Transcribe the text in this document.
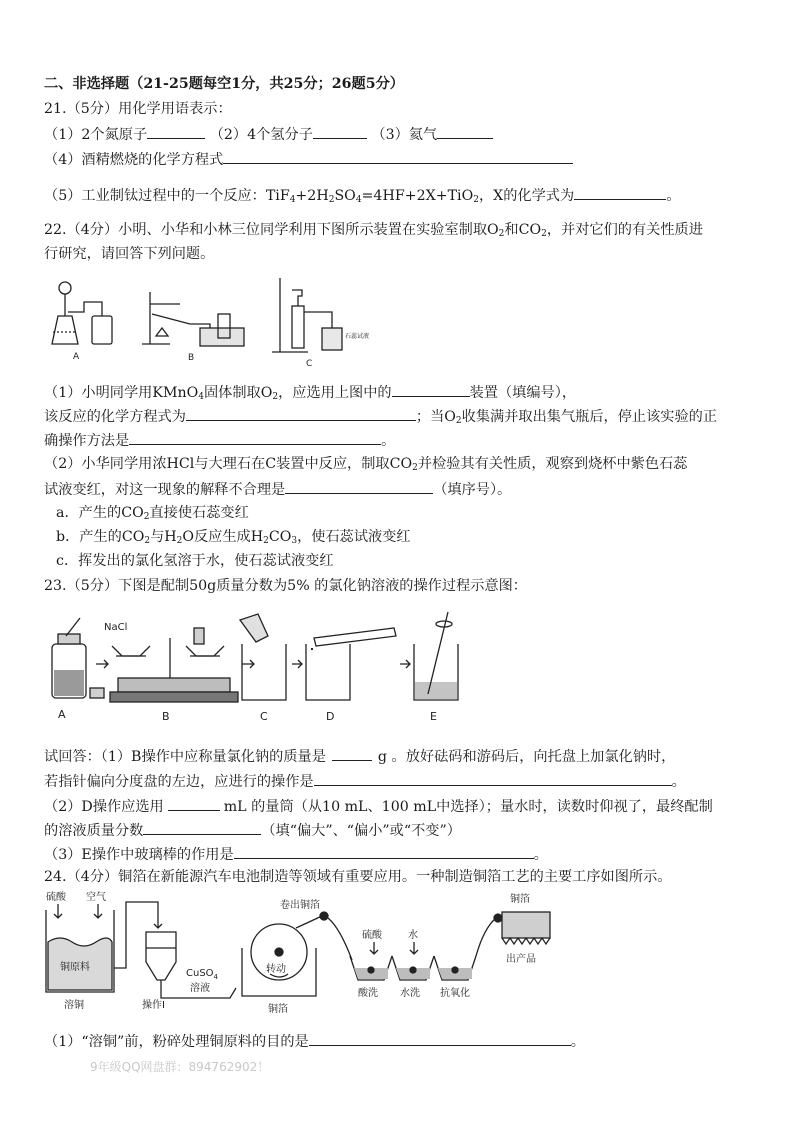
二、非选择题（21-25题每空1分，共25分；26题5分）
21.（5分）用化学用语表示：
（1）2个氮原子	（2）4个氢分子	（3）氦气
（4）酒精燃烧的化学方程式
（5）工业制钛过程中的一个反应：$TiF_4+2H_2SO_4=4HF+2X+TiO_2$，X的化学式为	。
22.（4分）小明、小华和小林三位同学利用下图所示装置在实验室制取$O_2$和$CO_2$，并对它们的有关性质进
行研究，请回答下列问题。
A	B
石蕊试液
C
（1）小明同学用KMnO$_4$固体制取$O_2$，应选用上图中的	装置（填编号），
该反应的化学方程式为	；当$O_2$收集满并取出集气瓶后，停止该实验的正
确操作方法是	。
（2）小华同学用浓HCl与大理石在C装置中反应，制取$CO_2$并检验其有关性质，观察到烧杯中紫色石蕊
试液变红，对这一现象的解释不合理是	（填序号）。
a．产生的$CO_2$直接使石蕊变红
b．产生的$CO_2$与$H_2O$反应生成$H_2CO_3$，使石蕊试液变红
c．挥发出的氯化氢溶于水，使石蕊试液变红
23.（5分）下图是配制50g质量分数为5% 的氯化钠溶液的操作过程示意图：
A
NaCl
B	C	D	E
试回答：（1）B操作中应称量氯化钠的质量是	g 。放好砝码和游码后，向托盘上加氯化钠时，
若指针偏向分度盘的左边，应进行的操作是	。
（2）D操作应选用	mL 的量筒（从10 mL、100 mL中选择）；量水时，读数时仰视了，最终配制
的溶液质量分数	（填“偏大”、“偏小”或“不变”）
（3）E操作中玻璃棒的作用是	。
24.（4分）铜箔在新能源汽车电池制造等领域有重要应用。一种制造铜箔工艺的主要工序如图所示。
硫酸 空气
铜原料
溶铜	操作Ⅰ
CuSO$_4$
溶液
卷出铜箔
转动
铜箔
硫酸	水
酸洗 水洗 抗氧化
铜箔
出产品
（1）“溶铜”前，粉碎处理铜原料的目的是	。
9年级QQ网盘群：894762902！
